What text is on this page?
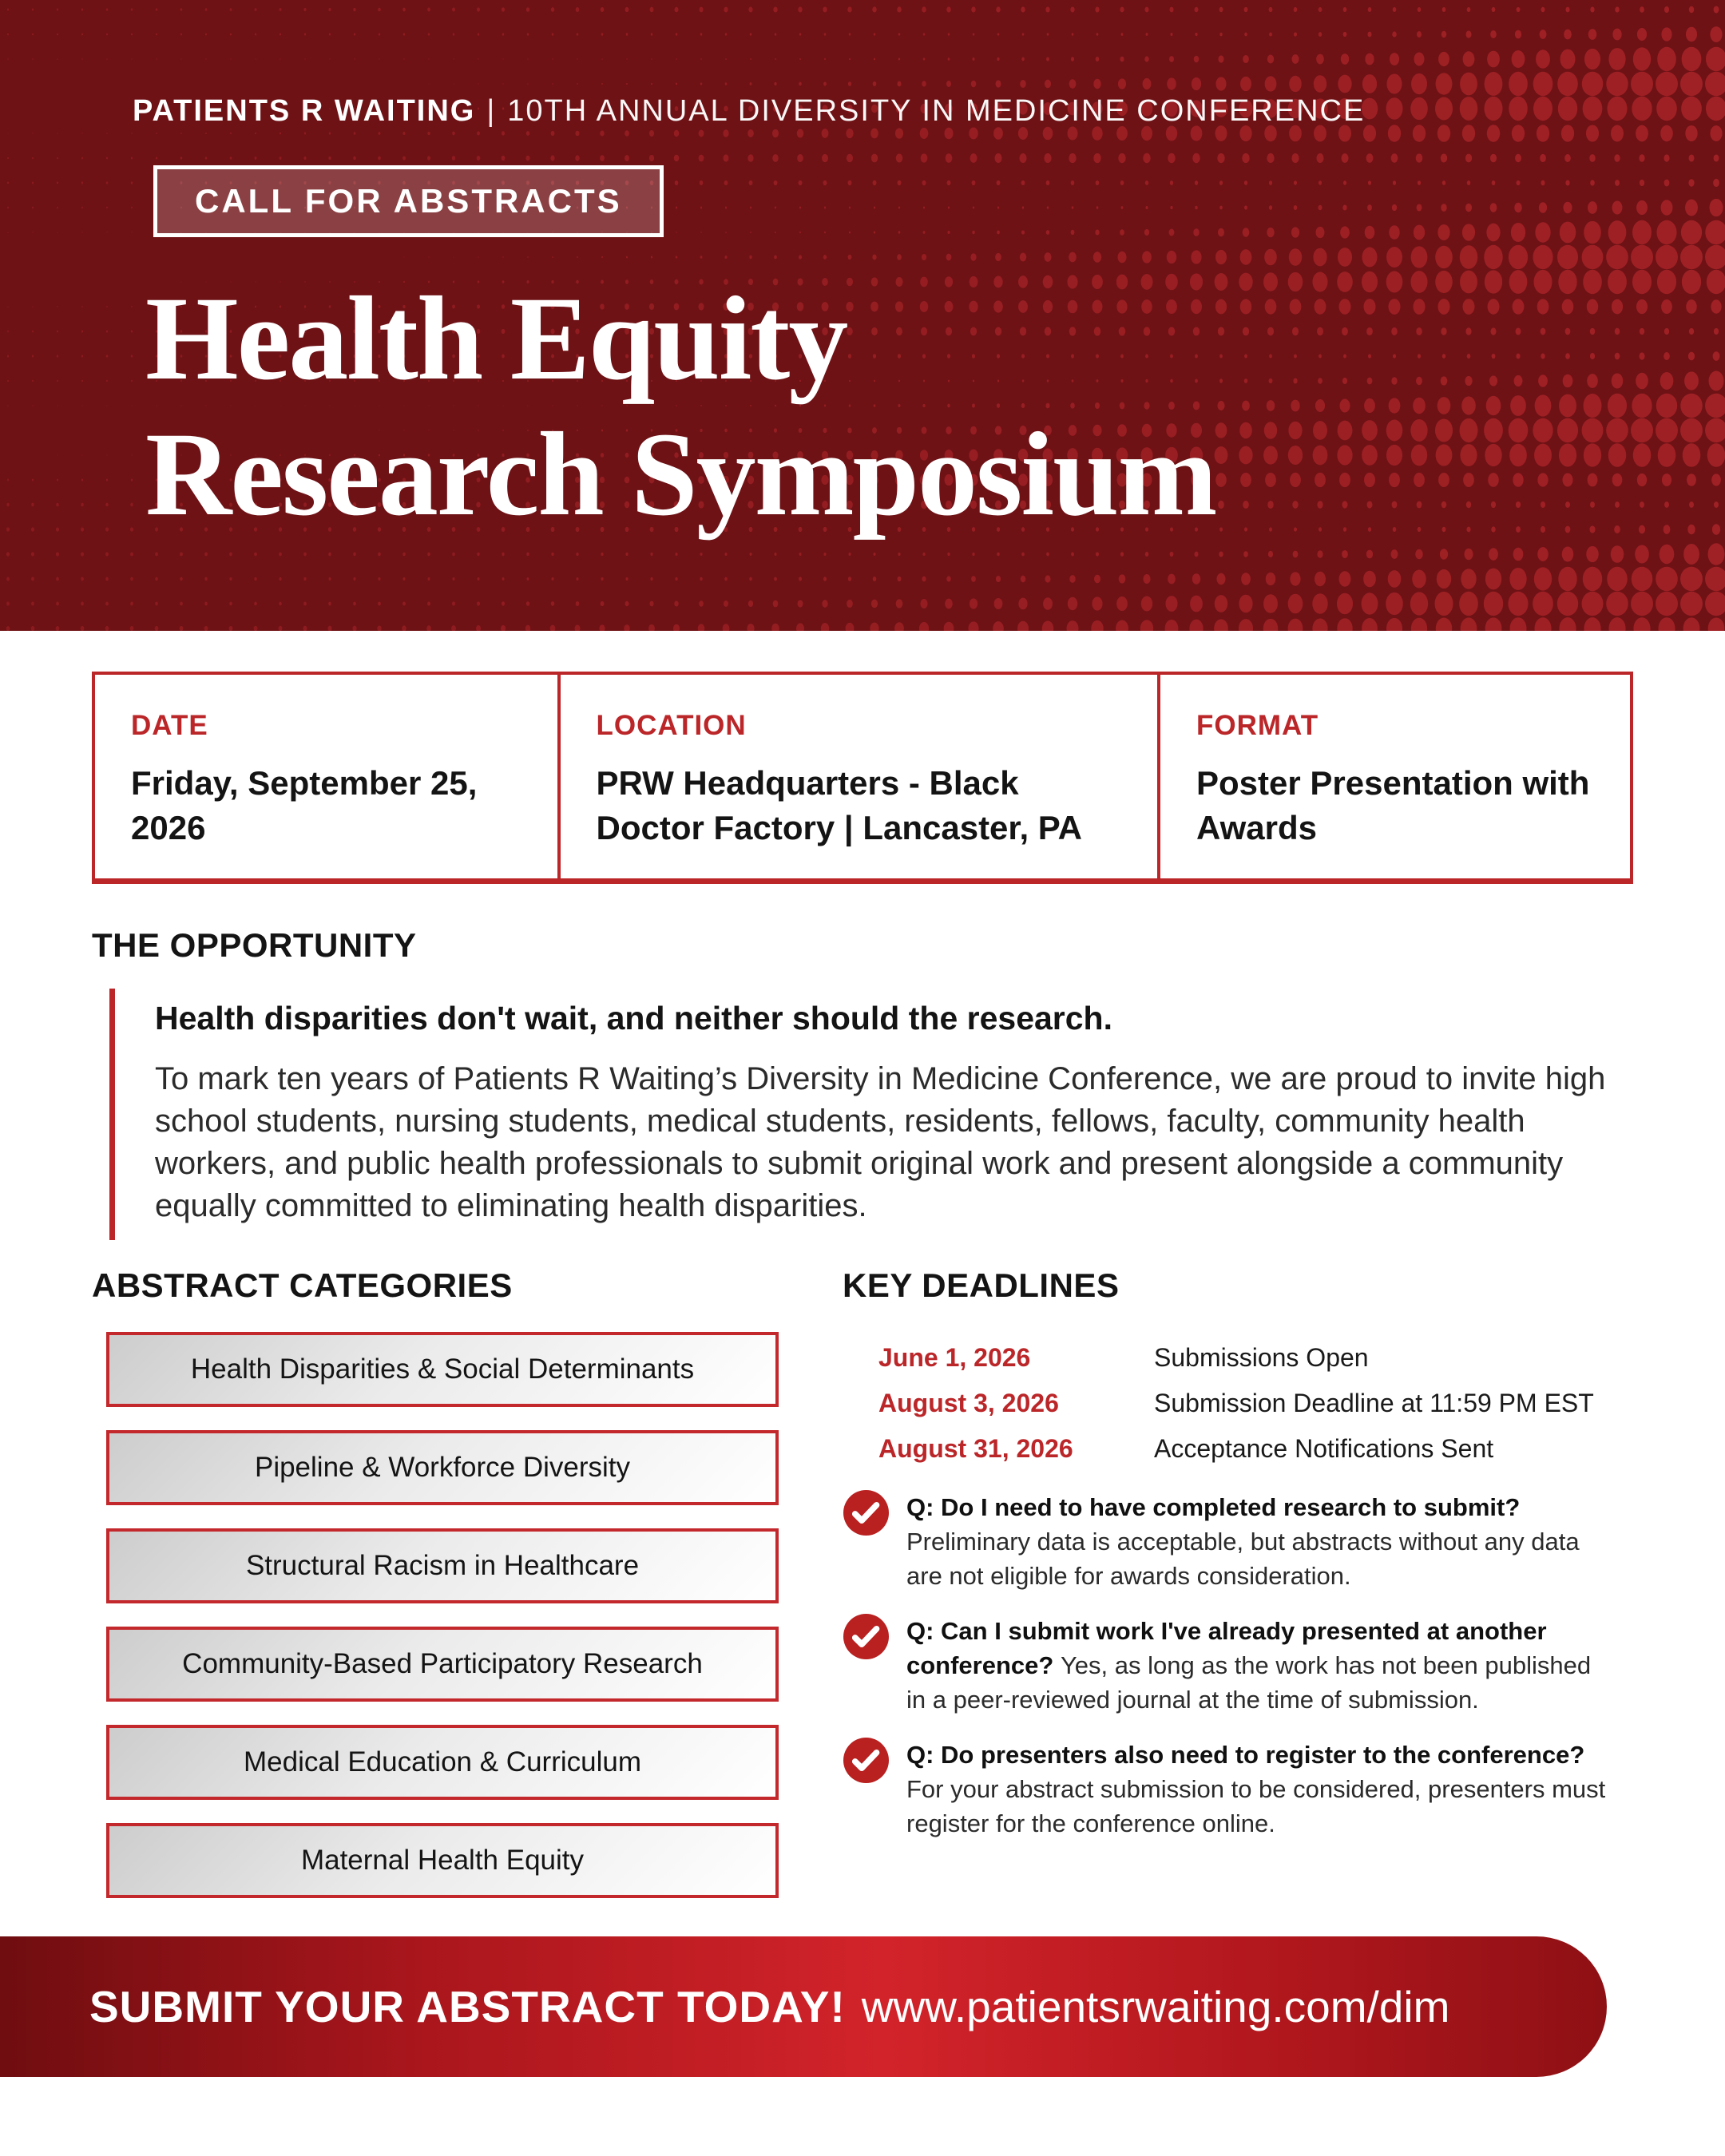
PATIENTS R WAITING | 10TH ANNUAL DIVERSITY IN MEDICINE CONFERENCE
CALL FOR ABSTRACTS
Health Equity
Research Symposium
DATE
Friday, September 25, 2026
LOCATION
PRW Headquarters - Black Doctor Factory | Lancaster, PA
FORMAT
Poster Presentation with Awards
THE OPPORTUNITY

Health disparities don't wait, and neither should the research.

To mark ten years of Patients R Waiting’s Diversity in Medicine Conference, we are proud to invite high school students, nursing students, medical students, residents, fellows, faculty, community health workers, and public health professionals to submit original work and present alongside a community equally committed to eliminating health disparities.

ABSTRACT CATEGORIES
Health Disparities & Social Determinants
Pipeline & Workforce Diversity
Structural Racism in Healthcare
Community-Based Participatory Research
Medical Education & Curriculum
Maternal Health Equity
KEY DEADLINES
June 1, 2026	Submissions Open
August 3, 2026	Submission Deadline at 11:59 PM EST
August 31, 2026	Acceptance Notifications Sent

Q: Do I need to have completed research to submit?Preliminary data is acceptable, but abstracts without any data are not eligible for awards consideration.

Q: Can I submit work I've already presented at another conference? Yes, as long as the work has not been published in a peer-reviewed journal at the time of submission.

Q: Do presenters also need to register to the conference?For your abstract submission to be considered, presenters must register for the conference online.

SUBMIT YOUR ABSTRACT TODAY! www.patientsrwaiting.com/dim
